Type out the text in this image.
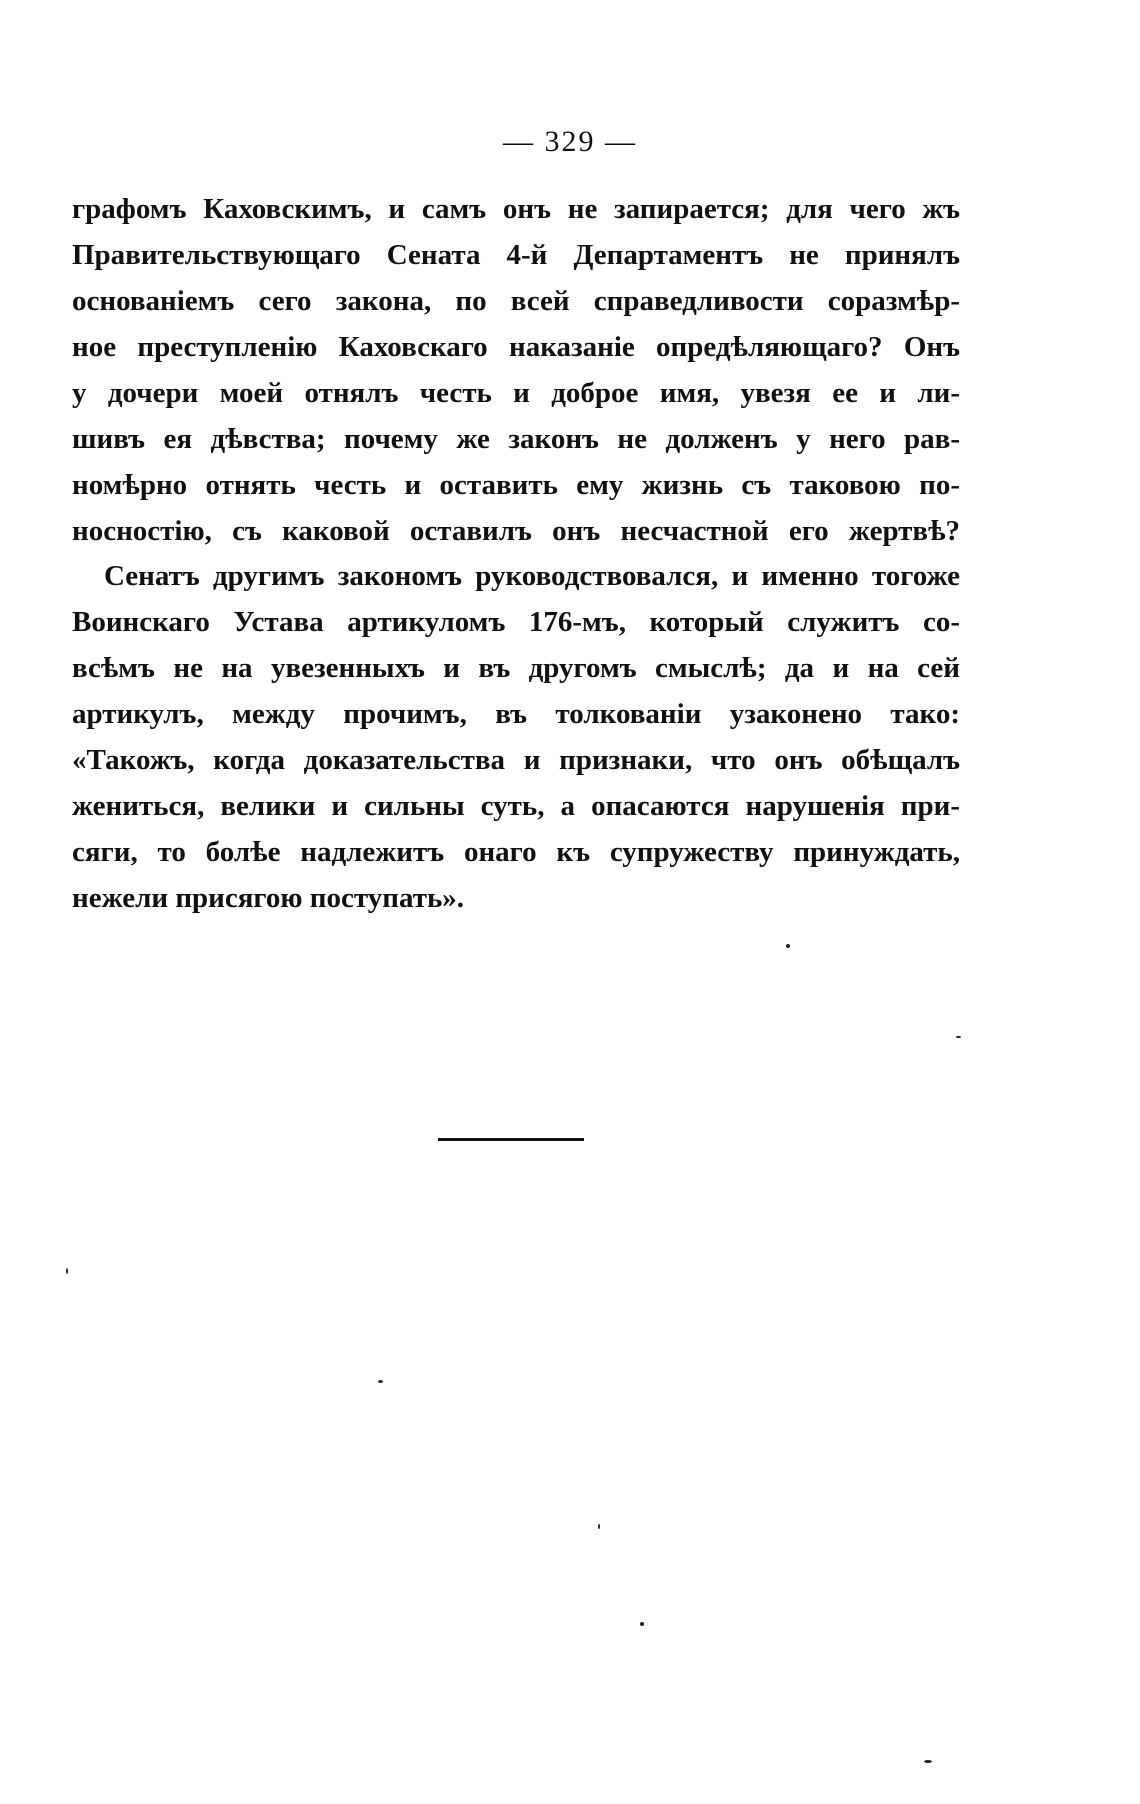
— 329 —
графомъ Каховскимъ, и самъ онъ не запирается; для чего жъ
Правительствующаго Сената 4-й Департаментъ не принялъ
основаніемъ сего закона, по всей справедливости соразмѣр-
ное преступленію Каховскаго наказаніе опредѣляющаго? Онъ
у дочери моей отнялъ честь и доброе имя, увезя ее и ли-
шивъ ея дѣвства; почему же законъ не долженъ у него рав-
номѣрно отнять честь и оставить ему жизнь съ таковою по-
носностію, съ каковой оставилъ онъ несчастной его жертвѣ?
Сенатъ другимъ закономъ руководствовался, и именно тогоже
Воинскаго Устава артикуломъ 176-мъ, который служитъ со-
всѣмъ не на увезенныхъ и въ другомъ смыслѣ; да и на сей
артикулъ, между прочимъ, въ толкованіи узаконено тако:
«Такожъ, когда доказательства и признаки, что онъ обѣщалъ
жениться, велики и сильны суть, а опасаются нарушенія при-
сяги, то болѣе надлежитъ онаго къ супружеству принуждать,
нежели присягою поступать».
